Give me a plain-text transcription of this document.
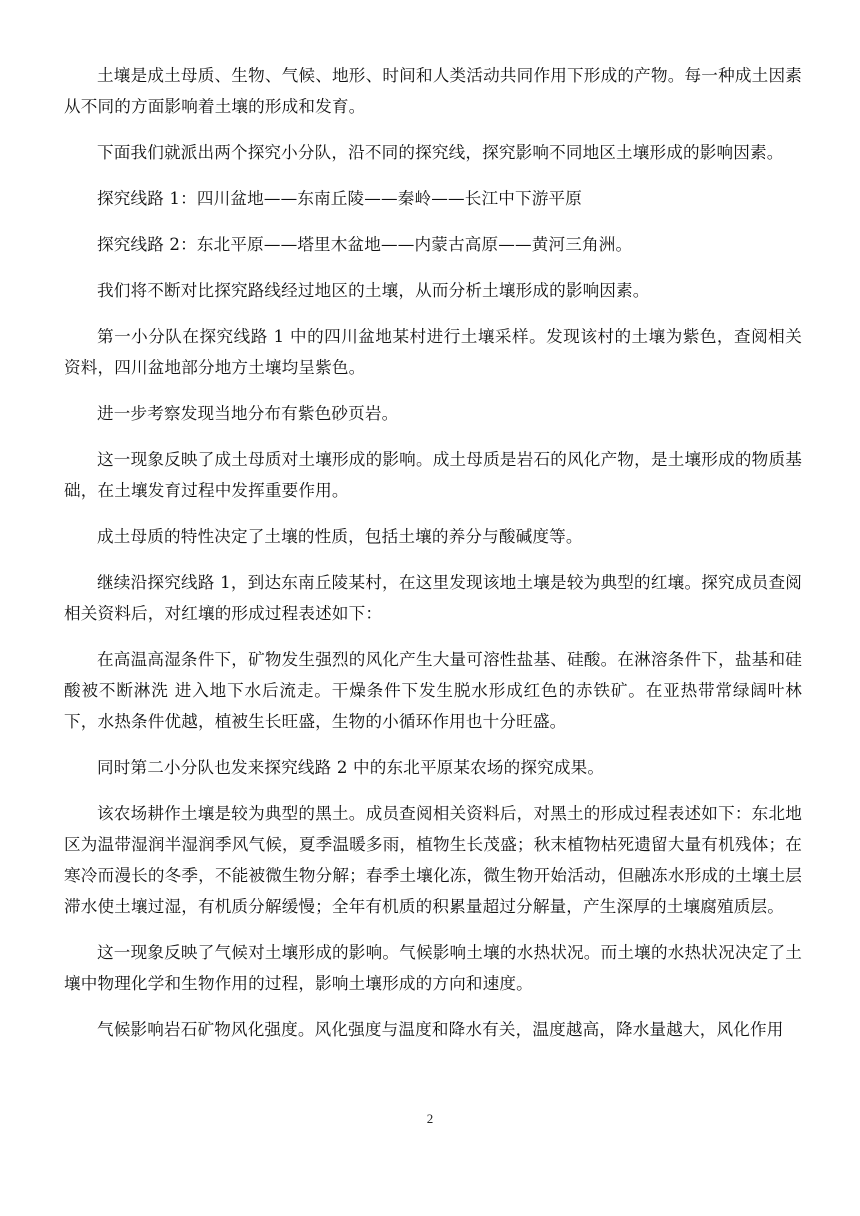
土壤是成土母质、生物、气候、地形、时间和人类活动共同作用下形成的产物。每一种成土因素从不同的方面影响着土壤的形成和发育。

下面我们就派出两个探究小分队，沿不同的探究线，探究影响不同地区土壤形成的影响因素。

探究线路 1：四川盆地——东南丘陵——秦岭——长江中下游平原

探究线路 2：东北平原——塔里木盆地——内蒙古高原——黄河三角洲。

我们将不断对比探究路线经过地区的土壤，从而分析土壤形成的影响因素。

第一小分队在探究线路 1 中的四川盆地某村进行土壤采样。发现该村的土壤为紫色，查阅相关资料，四川盆地部分地方土壤均呈紫色。

进一步考察发现当地分布有紫色砂页岩。

这一现象反映了成土母质对土壤形成的影响。成土母质是岩石的风化产物，是土壤形成的物质基础，在土壤发育过程中发挥重要作用。

成土母质的特性决定了土壤的性质，包括土壤的养分与酸碱度等。

继续沿探究线路 1，到达东南丘陵某村，在这里发现该地土壤是较为典型的红壤。探究成员查阅相关资料后，对红壤的形成过程表述如下：

在高温高湿条件下，矿物发生强烈的风化产生大量可溶性盐基、硅酸。在淋溶条件下，盐基和硅酸被不断淋洗 进入地下水后流走。干燥条件下发生脱水形成红色的赤铁矿。在亚热带常绿阔叶林下，水热条件优越，植被生长旺盛，生物的小循环作用也十分旺盛。

同时第二小分队也发来探究线路 2 中的东北平原某农场的探究成果。

该农场耕作土壤是较为典型的黑土。成员查阅相关资料后，对黑土的形成过程表述如下：东北地区为温带湿润半湿润季风气候，夏季温暖多雨，植物生长茂盛；秋末植物枯死遗留大量有机残体；在寒冷而漫长的冬季，不能被微生物分解；春季土壤化冻，微生物开始活动，但融冻水形成的土壤土层滞水使土壤过湿，有机质分解缓慢；全年有机质的积累量超过分解量，产生深厚的土壤腐殖质层。

这一现象反映了气候对土壤形成的影响。气候影响土壤的水热状况。而土壤的水热状况决定了土壤中物理化学和生物作用的过程，影响土壤形成的方向和速度。

气候影响岩石矿物风化强度。风化强度与温度和降水有关，温度越高，降水量越大，风化作用

2
